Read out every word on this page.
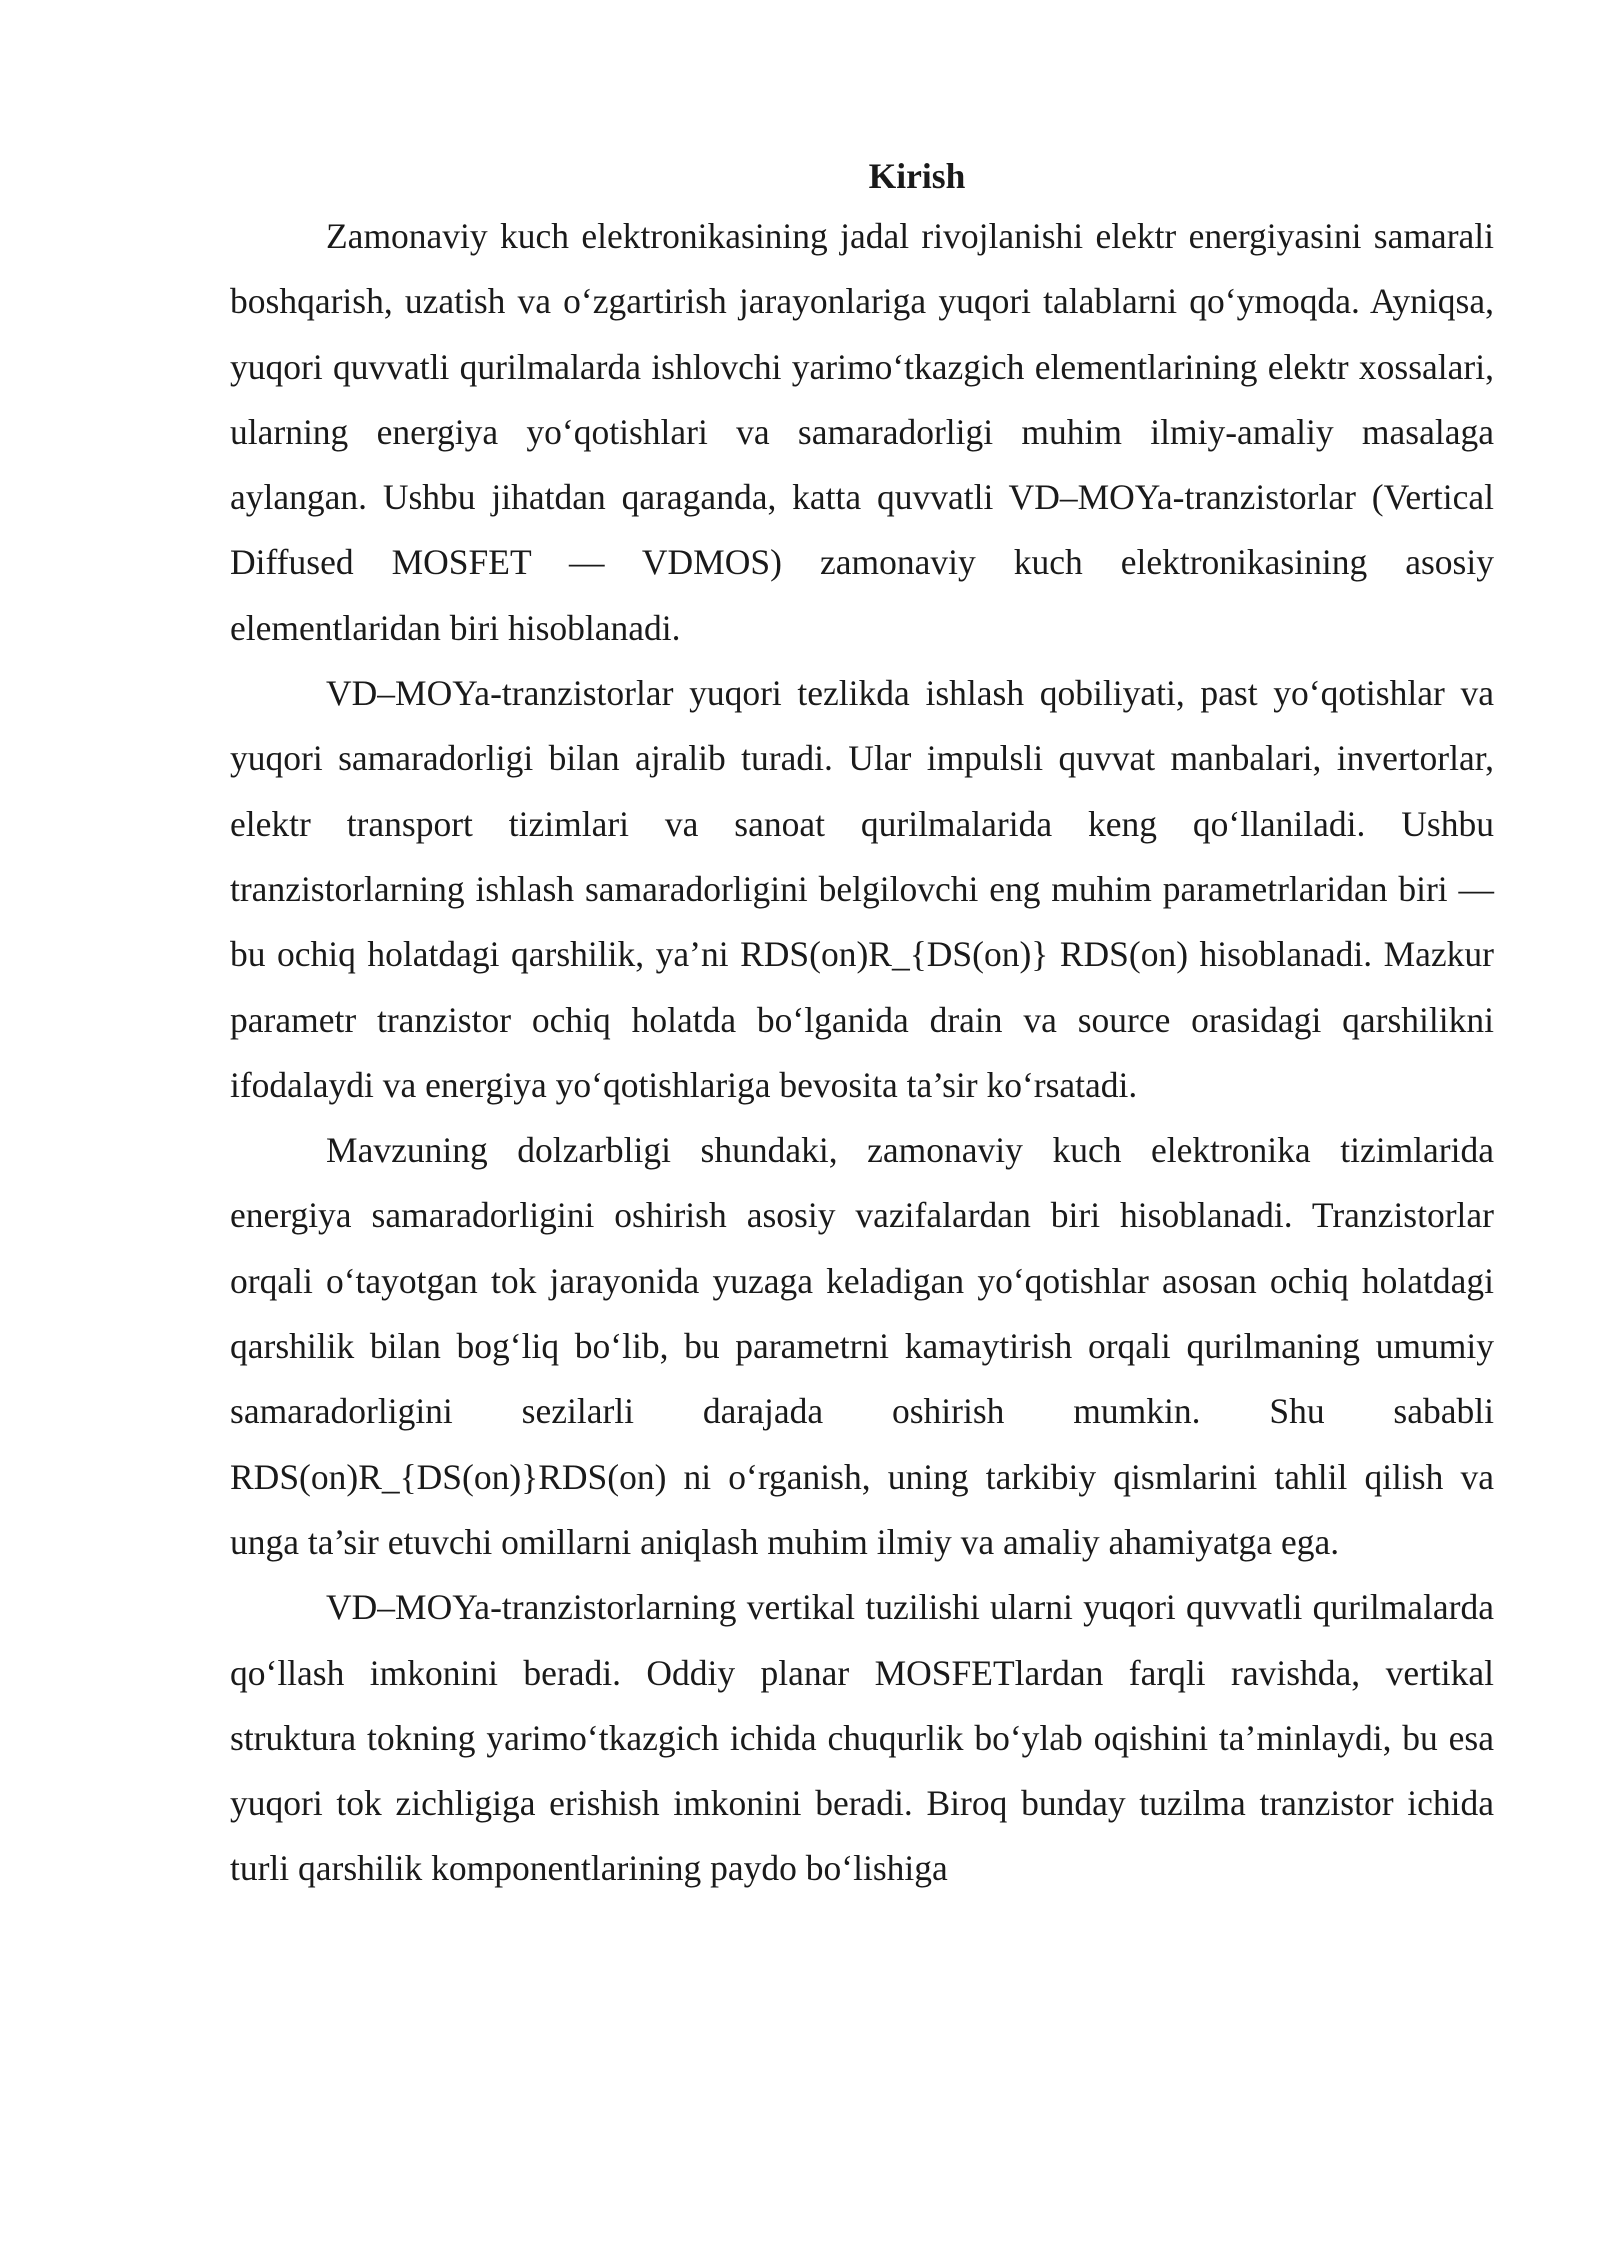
Kirish

Zamonaviy kuch elektronikasining jadal rivojlanishi elektr energiyasini samarali boshqarish, uzatish va o‘zgartirish jarayonlariga yuqori talablarni qo‘ymoqda. Ayniqsa, yuqori quvvatli qurilmalarda ishlovchi yarimo‘tkazgich elementlarining elektr xossalari, ularning energiya yo‘qotishlari va samaradorligi muhim ilmiy-amaliy masalaga aylangan. Ushbu jihatdan qaraganda, katta quvvatli VD–MOYa-tranzistorlar (Vertical Diffused MOSFET — VDMOS) zamonaviy kuch elektronikasining asosiy elementlaridan biri hisoblanadi.

VD–MOYa-tranzistorlar yuqori tezlikda ishlash qobiliyati, past yo‘qotishlar va yuqori samaradorligi bilan ajralib turadi. Ular impulsli quvvat manbalari, invertorlar, elektr transport tizimlari va sanoat qurilmalarida keng qo‘llaniladi. Ushbu tranzistorlarning ishlash samaradorligini belgilovchi eng muhim parametrlaridan biri — bu ochiq holatdagi qarshilik, ya’ni RDS(on)R_{DS(on)} RDS(on) hisoblanadi. Mazkur parametr tranzistor ochiq holatda bo‘lganida drain va source orasidagi qarshilikni ifodalaydi va energiya yo‘qotishlariga bevosita ta’sir ko‘rsatadi.

Mavzuning dolzarbligi shundaki, zamonaviy kuch elektronika tizimlarida energiya samaradorligini oshirish asosiy vazifalardan biri hisoblanadi. Tranzistorlar orqali o‘tayotgan tok jarayonida yuzaga keladigan yo‘qotishlar asosan ochiq holatdagi qarshilik bilan bog‘liq bo‘lib, bu parametrni kamaytirish orqali qurilmaning umumiy samaradorligini sezilarli darajada oshirish mumkin. Shu sababli RDS(on)R_{DS(on)}RDS(on) ni o‘rganish, uning tarkibiy qismlarini tahlil qilish va unga ta’sir etuvchi omillarni aniqlash muhim ilmiy va amaliy ahamiyatga ega.

VD–MOYa-tranzistorlarning vertikal tuzilishi ularni yuqori quvvatli qurilmalarda qo‘llash imkonini beradi. Oddiy planar MOSFETlardan farqli ravishda, vertikal struktura tokning yarimo‘tkazgich ichida chuqurlik bo‘ylab oqishini ta’minlaydi, bu esa yuqori tok zichligiga erishish imkonini beradi. Biroq bunday tuzilma tranzistor ichida turli qarshilik komponentlarining paydo bo‘lishiga
